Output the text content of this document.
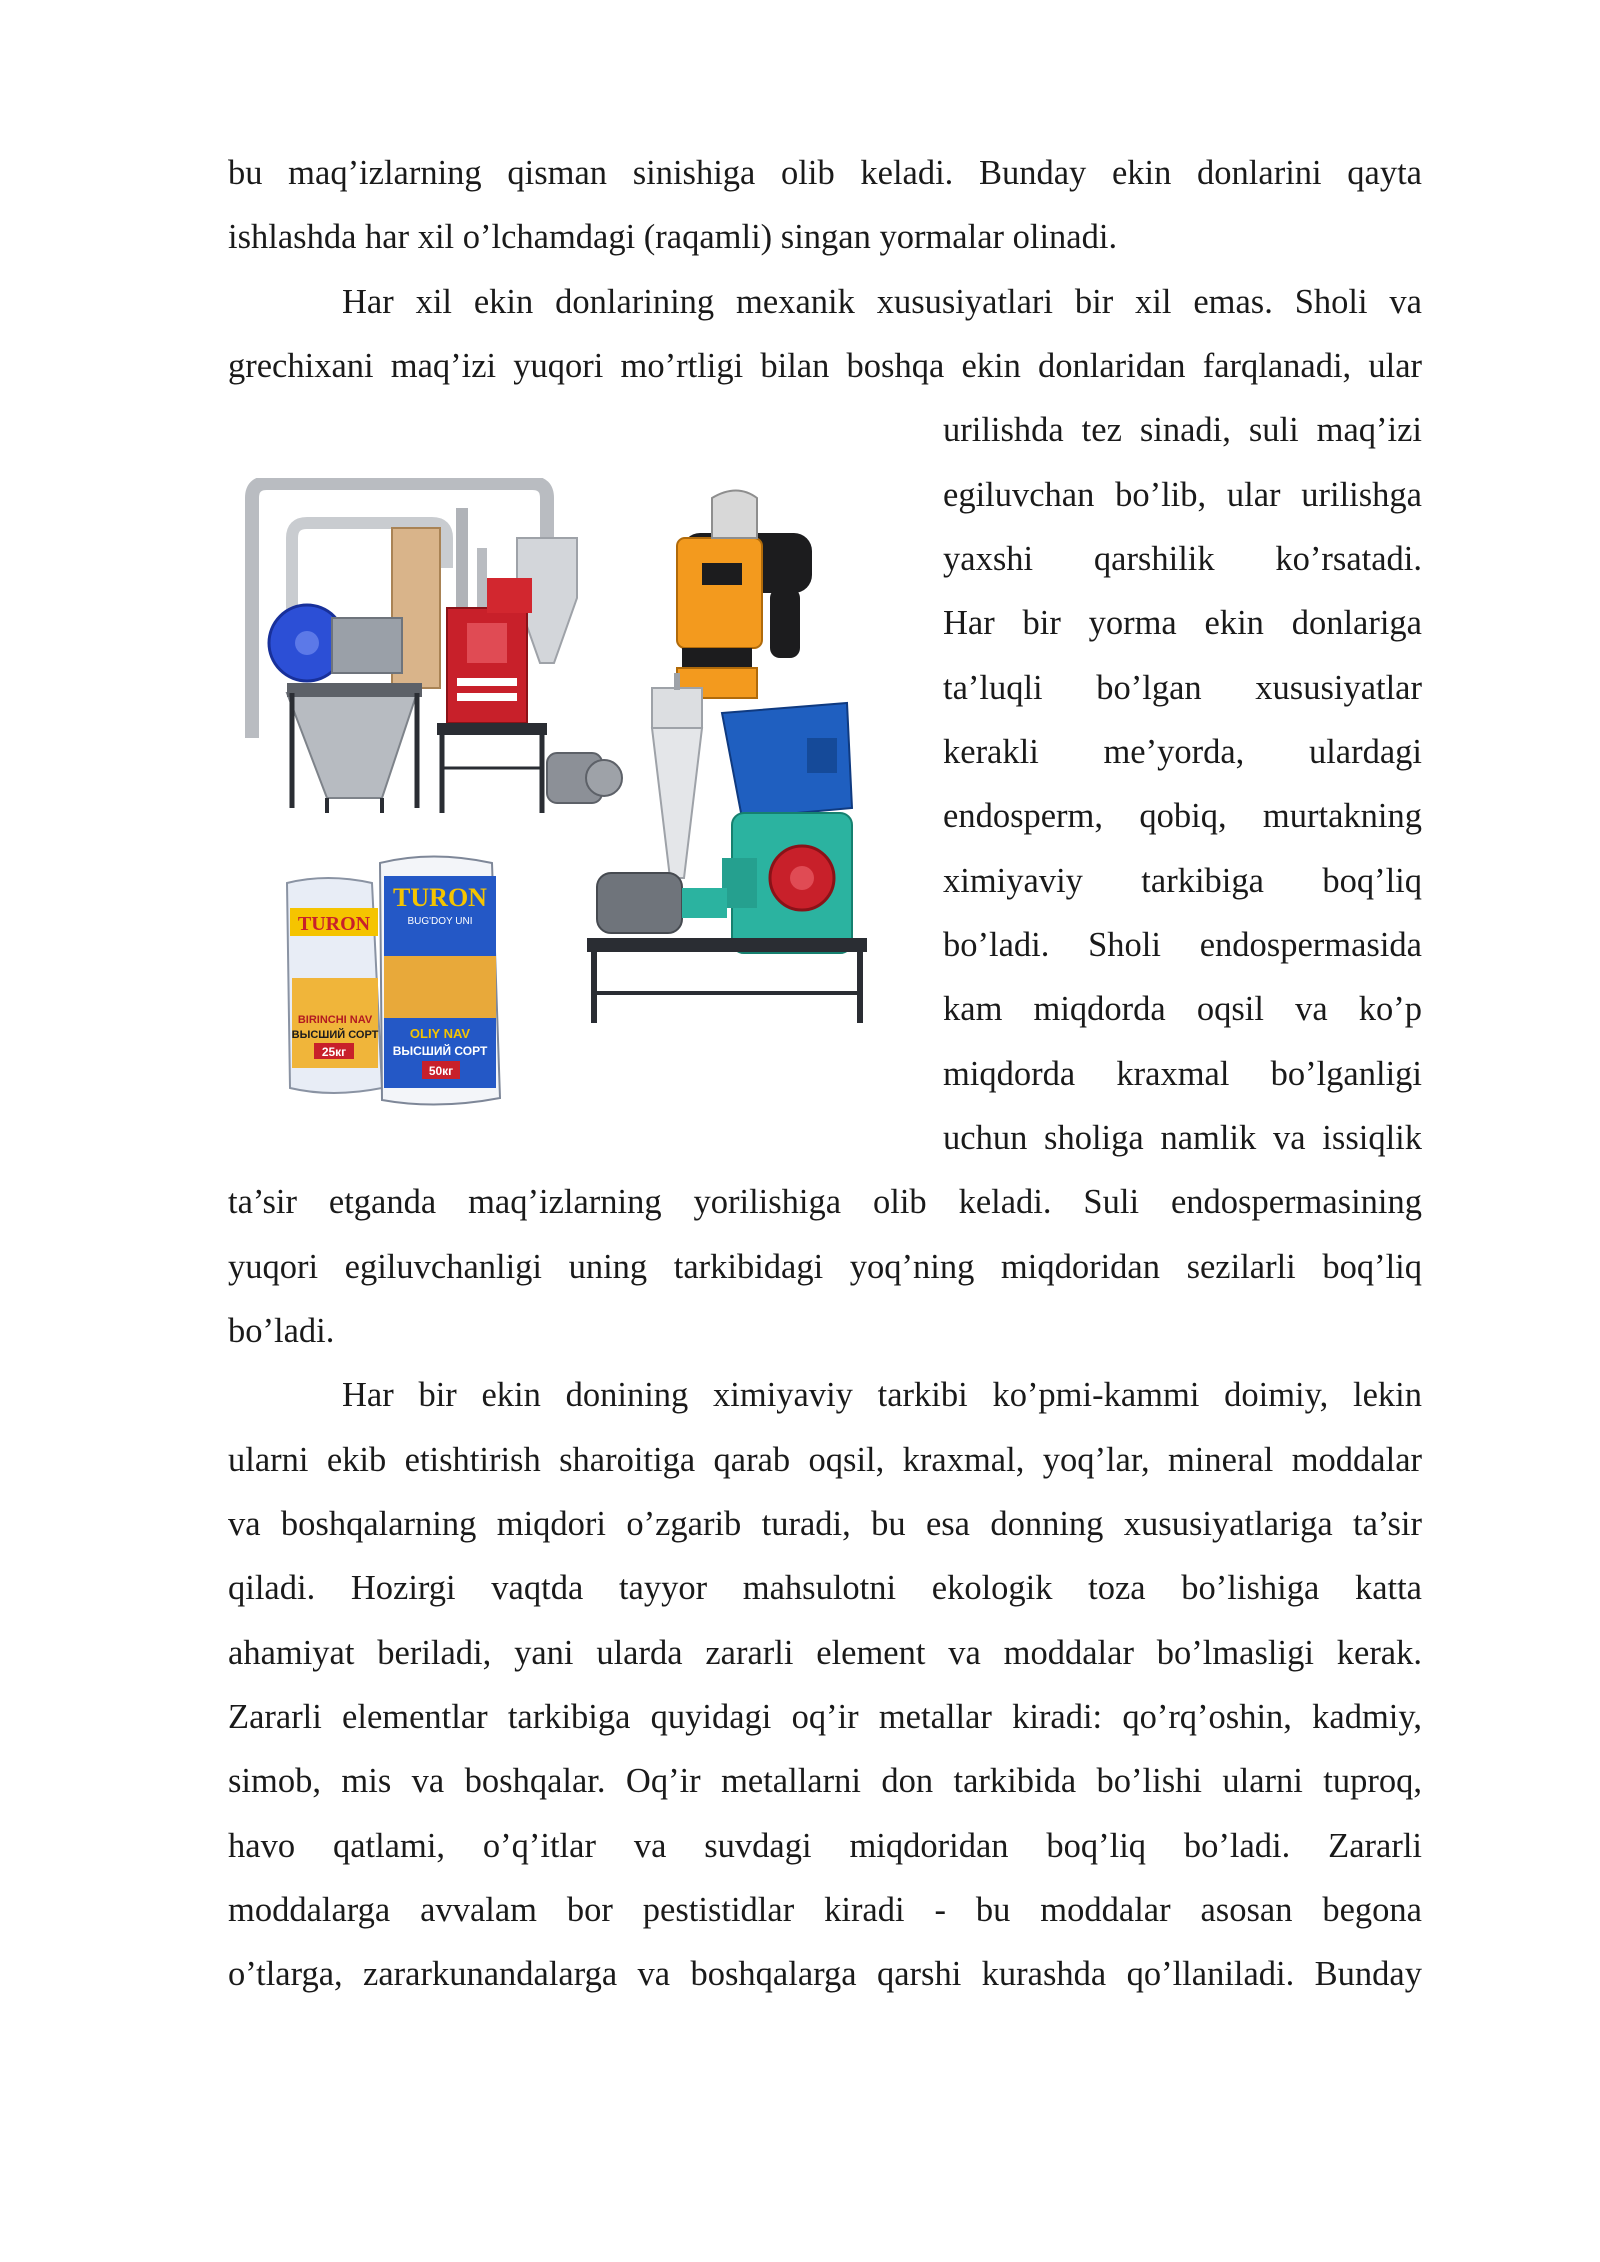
bu maq’izlarning qisman sinishiga olib keladi. Bunday ekin donlarini qayta
ishlashda har xil o’lchamdagi (raqamli) singan yormalar olinadi.
Har xil ekin donlarining mexanik xususiyatlari bir xil emas. Sholi va
grechixani maq’izi yuqori mo’rtligi bilan boshqa ekin donlaridan farqlanadi, ular
urilishda tez sinadi, suli maq’izi
egiluvchan bo’lib, ular urilishga
yaxshi qarshilik ko’rsatadi.
Har bir yorma ekin donlariga
ta’luqli bo’lgan xususiyatlar
kerakli me’yorda, ulardagi
endosperm, qobiq, murtakning
ximiyaviy tarkibiga boq’liq
bo’ladi. Sholi endospermasida
kam miqdorda oqsil va ko’p
miqdorda kraxmal bo’lganligi
uchun sholiga namlik va issiqlik
ta’sir etganda maq’izlarning yorilishiga olib keladi. Suli endospermasining
yuqori egiluvchanligi uning tarkibidagi yoq’ning miqdoridan sezilarli boq’liq
bo’ladi.
Har bir ekin donining ximiyaviy tarkibi ko’pmi-kammi doimiy, lekin
ularni ekib etishtirish sharoitiga qarab oqsil, kraxmal, yoq’lar, mineral moddalar
va boshqalarning miqdori o’zgarib turadi, bu esa donning xususiyatlariga ta’sir
qiladi. Hozirgi vaqtda tayyor mahsulotni ekologik toza bo’lishiga katta
ahamiyat beriladi, yani ularda zararli element va moddalar bo’lmasligi kerak.
Zararli elementlar tarkibiga quyidagi oq’ir metallar kiradi: qo’rq’oshin, kadmiy,
simob, mis va boshqalar. Oq’ir metallarni don tarkibida bo’lishi ularni tuproq,
havo qatlami, o’q’itlar va suvdagi miqdoridan boq’liq bo’ladi. Zararli
moddalarga avvalam bor pestistidlar kiradi - bu moddalar asosan begona
o’tlarga, zararkunandalarga va boshqalarga qarshi kurashda qo’llaniladi. Bunday
TURON
BIRINCHI NAV
ВЫСШИЙ СОРТ
25кг
TURON
BUG'DOY UNI
OLIY NAV
ВЫСШИЙ СОРТ
50кг
